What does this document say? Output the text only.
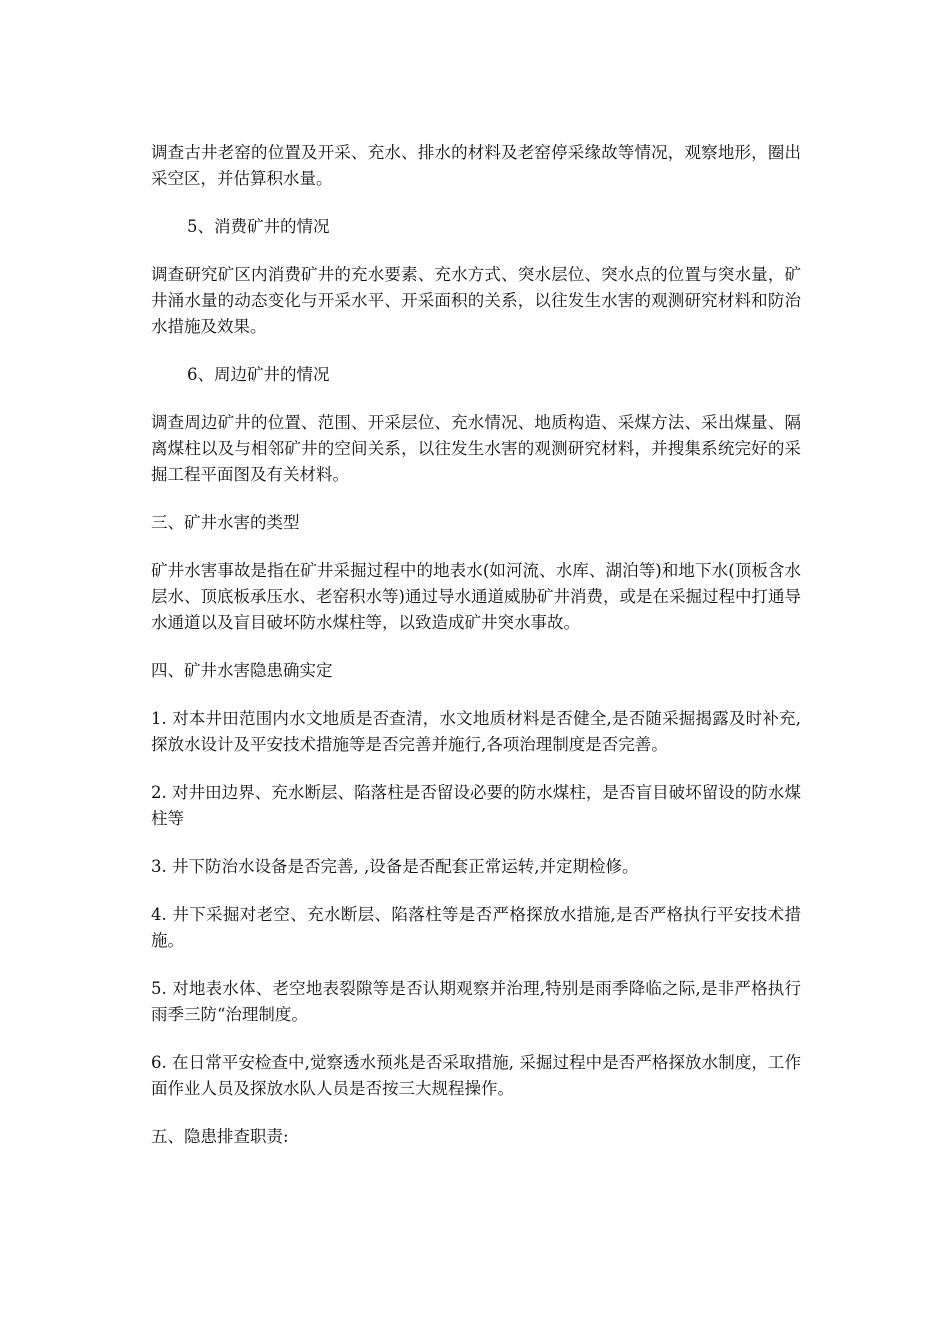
调查古井老窑的位置及开采、充水、排水的材料及老窑停采缘故等情况，观察地形，圈出采空区，并估算积水量。

5、消费矿井的情况

调查研究矿区内消费矿井的充水要素、充水方式、突水层位、突水点的位置与突水量，矿井涌水量的动态变化与开采水平、开采面积的关系，以往发生水害的观测研究材料和防治水措施及效果。

6、周边矿井的情况

调查周边矿井的位置、范围、开采层位、充水情况、地质构造、采煤方法、采出煤量、隔离煤柱以及与相邻矿井的空间关系，以往发生水害的观测研究材料，并搜集系统完好的采掘工程平面图及有关材料。

三、矿井水害的类型

矿井水害事故是指在矿井采掘过程中的地表水(如河流、水库、湖泊等)和地下水(顶板含水层水、顶底板承压水、老窑积水等)通过导水通道威胁矿井消费，或是在采掘过程中打通导水通道以及盲目破坏防水煤柱等，以致造成矿井突水事故。

四、矿井水害隐患确实定

1. 对本井田范围内水文地质是否查清，水文地质材料是否健全,是否随采掘揭露及时补充,探放水设计及平安技术措施等是否完善并施行,各项治理制度是否完善。

2. 对井田边界、充水断层、陷落柱是否留设必要的防水煤柱，是否盲目破坏留设的防水煤柱等

3. 井下防治水设备是否完善, ,设备是否配套正常运转,并定期检修。

4. 井下采掘对老空、充水断层、陷落柱等是否严格探放水措施,是否严格执行平安技术措施。

5. 对地表水体、老空地表裂隙等是否认期观察并治理,特别是雨季降临之际,是非严格执行雨季三防“治理制度。

6. 在日常平安检查中,觉察透水预兆是否采取措施, 采掘过程中是否严格探放水制度，工作面作业人员及探放水队人员是否按三大规程操作。

五、隐患排查职责:
